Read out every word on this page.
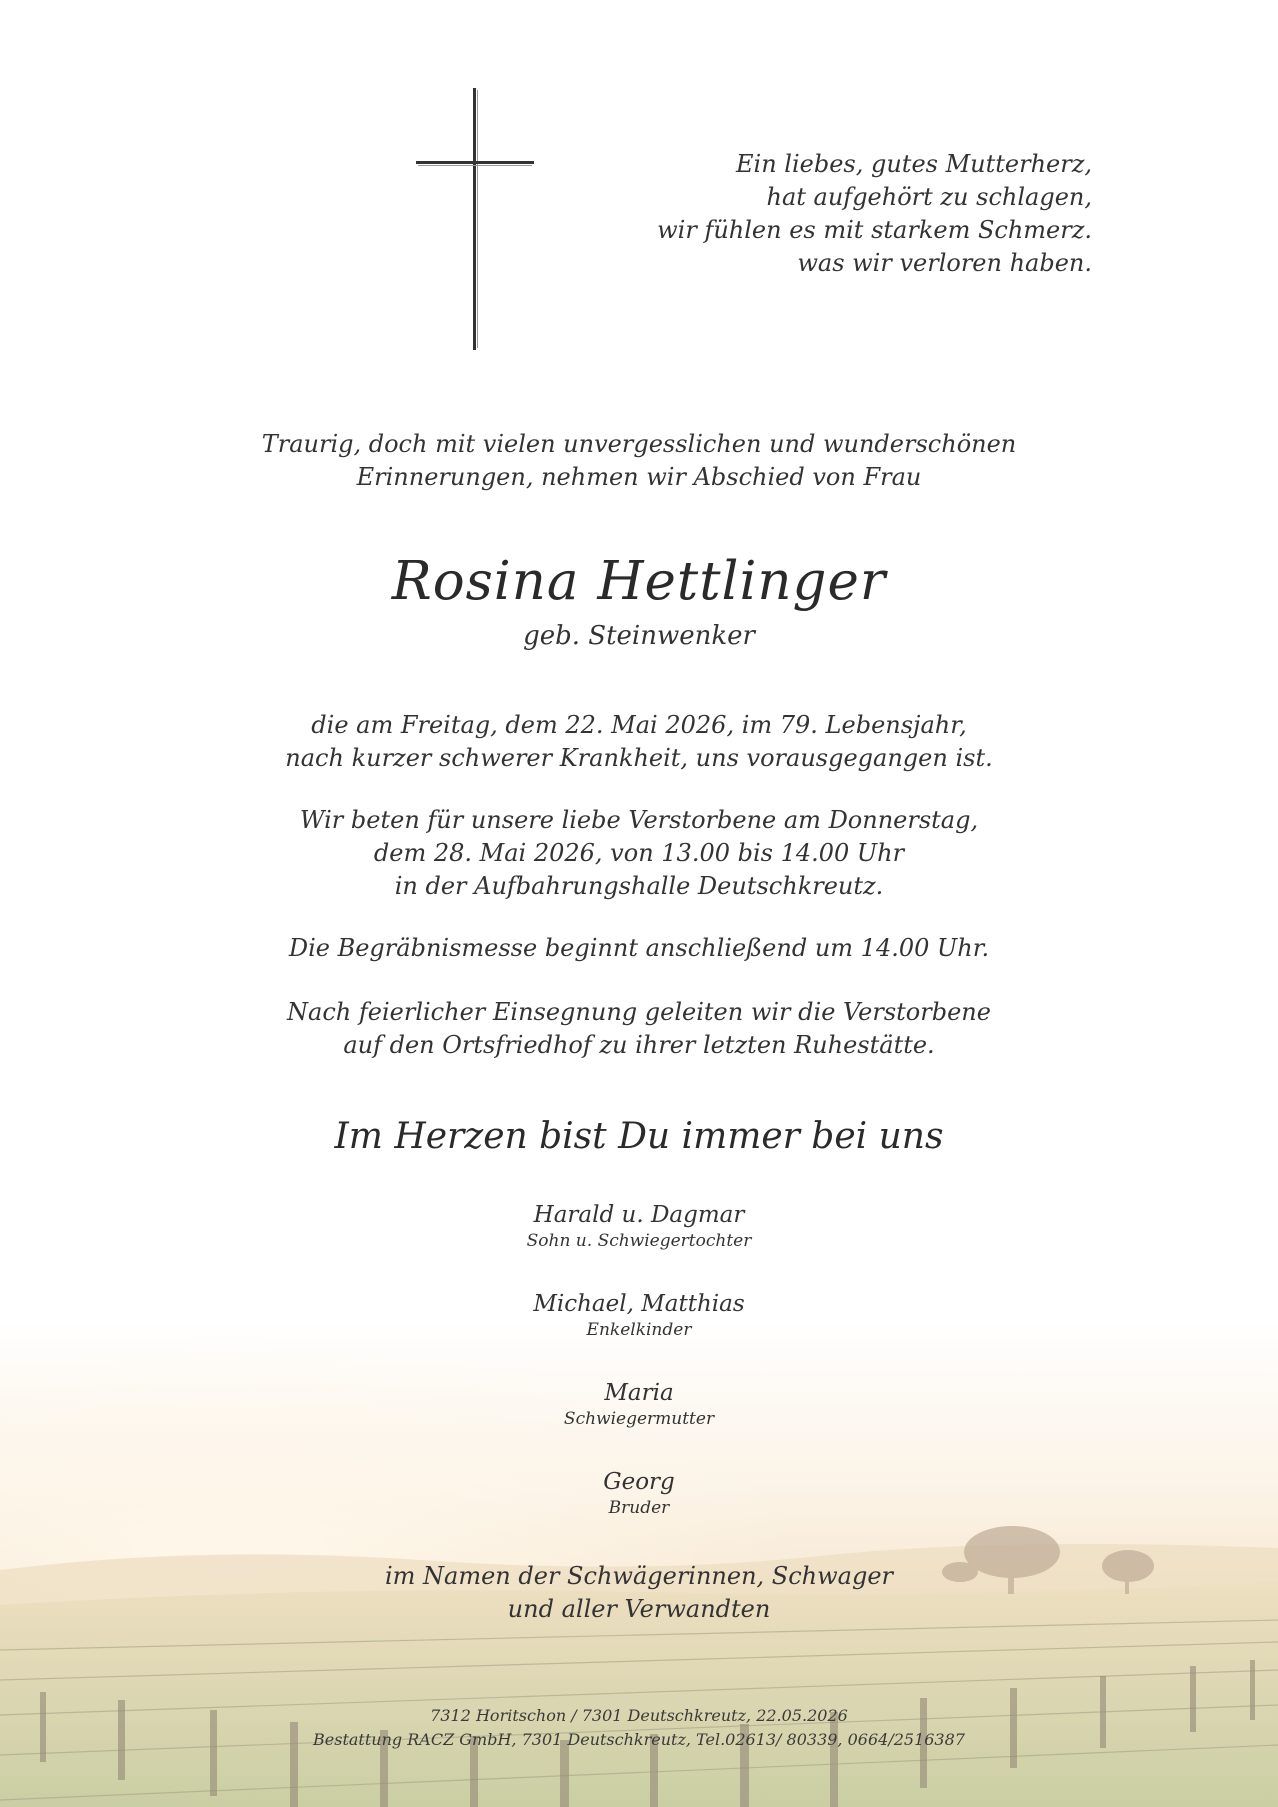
Ein liebes, gutes Mutterherz,
hat aufgehört zu schlagen,
wir fühlen es mit starkem Schmerz.
was wir verloren haben.
Traurig, doch mit vielen unvergesslichen und wunderschönen
Erinnerungen, nehmen wir Abschied von Frau
Rosina Hettlinger
geb. Steinwenker
die am Freitag, dem 22. Mai 2026, im 79. Lebensjahr,
nach kurzer schwerer Krankheit, uns vorausgegangen ist.
Wir beten für unsere liebe Verstorbene am Donnerstag,
dem 28. Mai 2026, von 13.00 bis 14.00 Uhr
in der Aufbahrungshalle Deutschkreutz.
Die Begräbnismesse beginnt anschließend um 14.00 Uhr.
Nach feierlicher Einsegnung geleiten wir die Verstorbene
auf den Ortsfriedhof zu ihrer letzten Ruhestätte.
Im Herzen bist Du immer bei uns
Harald u. Dagmar
Sohn u. Schwiegertochter
Michael, Matthias
Enkelkinder
Maria
Schwiegermutter
Georg
Bruder
im Namen der Schwägerinnen, Schwager
und aller Verwandten
7312 Horitschon / 7301 Deutschkreutz, 22.05.2026
Bestattung RACZ GmbH, 7301 Deutschkreutz, Tel.02613/ 80339, 0664/2516387
